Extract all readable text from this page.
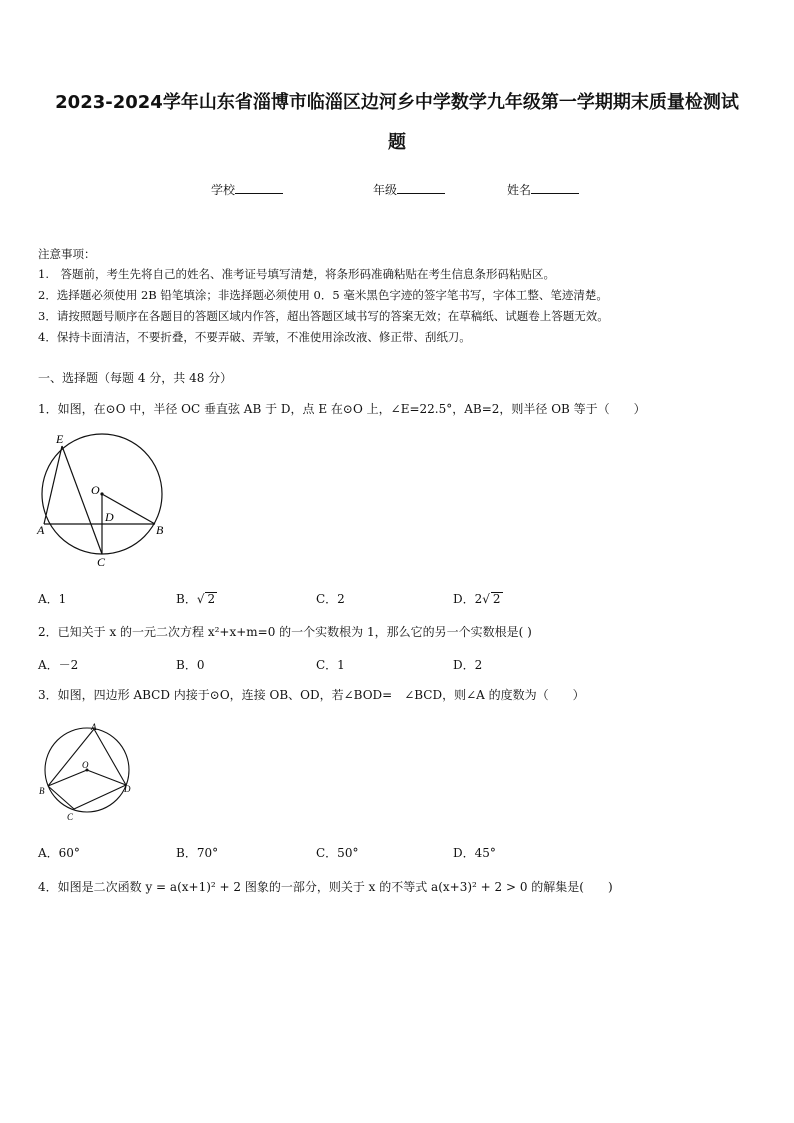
2023-2024学年山东省淄博市临淄区边河乡中学数学九年级第一学期期末质量检测试
题
学校	年级	姓名
注意事项：
1.　答题前，考生先将自己的姓名、准考证号填写清楚，将条形码准确粘贴在考生信息条形码粘贴区。
2．选择题必须使用 2B 铅笔填涂；非选择题必须使用 0．5 毫米黑色字迹的签字笔书写，字体工整、笔迹清楚。
3．请按照题号顺序在各题目的答题区域内作答，超出答题区域书写的答案无效；在草稿纸、试题卷上答题无效。
4．保持卡面清洁，不要折叠，不要弄破、弄皱，不准使用涂改液、修正带、刮纸刀。
一、选择题（每题 4 分，共 48 分）
1．如图，在⊙O 中，半径 OC 垂直弦 AB 于 D，点 E 在⊙O 上，∠E=22.5°，AB=2，则半径 OB 等于（　　）
E
O
D
A	B
C
A．1	B．√ 2	C．2	D．2√ 2
2．已知关于 x 的一元二次方程 x²+x+m=0 的一个实数根为 1，那么它的另一个实数根是( )
A．－2	B．0	C．1	D．2
3．如图，四边形 ABCD 内接于⊙O，连接 OB、OD，若∠BOD=　∠BCD，则∠A 的度数为（　　）
A
O
B
C
D
A．60°	B．70°	C．50°	D．45°
4．如图是二次函数 y = a(x+1)² + 2 图象的一部分，则关于 x 的不等式 a(x+3)² + 2 > 0 的解集是(　　)
